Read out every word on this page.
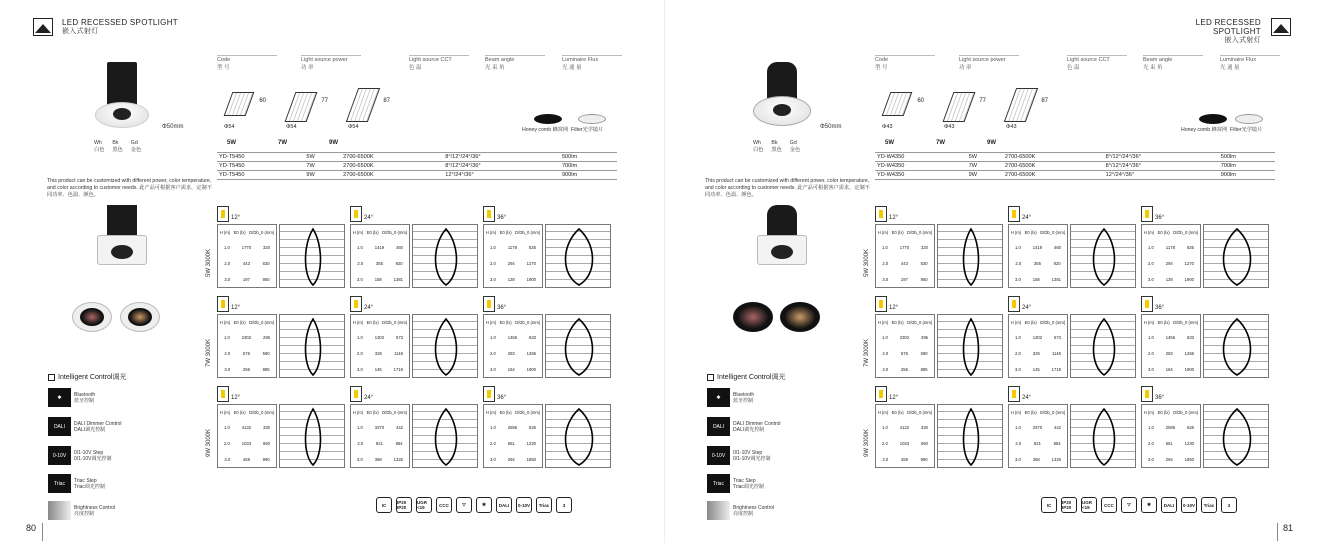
LED RECESSED SPOTLIGHT
嵌入式射灯
Code
型 号
Light source power
功 率
Light source CCT
色 温
Beam angle
光 束 角
Luminaire Flux
光 通 量
Φ50mm
Wh
白色
Bk
黑色
Gd
金色
60
Φ54
77
Φ54
87
Φ54
5W	7W	9W
Honey comb 蜂窝网 Filter光学镜片
YD-T5450	5W	2700-6500K	8°/12°/24°/36°	500lm
YD-T5450	7W	2700-6500K	8°/12°/24°/36°	700lm
YD-T5450	9W	2700-6500K	12°/24°/36°	900lm
This product can be customized with different power, color temperature, and color according to customer needs. 此产品可根据客户需求，定制不同功率、色温、颜色。
5W 3000K
7W 3000K
9W 3000K
12°
H (m) E0 (lx) D/Db_0 (mm)
1.0	1770	320
2.0	443	630
3.0	197	950
24°
H (m) E0 (lx) D/Db_0 (mm)
1.0	1419	460
2.0	355	920
3.0	158	1381
36°
H (m) E0 (lx) D/Db_0 (mm)
1.0	1178	635
2.0	294	1270
3.0	128	1900
12°
H (m) E0 (lx) D/Db_0 (mm)
1.0	2302	295
2.0	576	590
3.0	256	885
24°
H (m) E0 (lx) D/Db_0 (mm)
1.0	1302	573
2.0	326	1146
3.0	145	1719
36°
H (m) E0 (lx) D/Db_0 (mm)
1.0	1456	633
2.0	283	1266
3.0	164	1900
12°
H (m) E0 (lx) D/Db_0 (mm)
1.0	4132	330
2.0	1033	660
3.0	459	990
24°
H (m) E0 (lx) D/Db_0 (mm)
1.0	3370	442
2.0	821	884
3.0	368	1326
36°
H (m) E0 (lx) D/Db_0 (mm)
1.0	2595	626
2.0	661	1230
3.0	294	1850
Intelligent Control调光
✱	Bluetooth
蓝牙控制
DALI	DALI Dimmer Control
DALI调光控制
0-10V	0/1-10V Step
0/1-10V调光控制
Triac	Triac Step
Triac调光控制
Brightness Control
亮度控制
IC	IP20 IP20
UGR <19	CCC	▽	✱	DALI	0-10V	Triac	3
80
LED RECESSED SPOTLIGHT
嵌入式射灯
Code
型 号
Light source power
功 率
Light source CCT
色 温
Beam angle
光 束 角
Luminaire Flux
光 通 量
Φ50mm
Wh
白色
Bk
黑色
Gd
金色
60
Φ43
77
Φ43
87
Φ43
5W	7W	9W
Honey comb 蜂窝网 Filter光学镜片
YD-W4350	5W	2700-6500K	8°/12°/24°/36°	500lm
YD-W4350	7W	2700-6500K	8°/12°/24°/36°	700lm
YD-W4350	9W	2700-6500K	12°/24°/36°	900lm
This product can be customized with different power, color temperature, and color according to customer needs. 此产品可根据客户需求，定制不同功率、色温、颜色。
5W 3000K
7W 3000K
9W 3000K
12°
H (m) E0 (lx) D/Db_0 (mm)
1.0	1770	320
2.0	443	630
3.0	197	950
24°
H (m) E0 (lx) D/Db_0 (mm)
1.0	1419	460
2.0	355	920
3.0	158	1381
36°
H (m) E0 (lx) D/Db_0 (mm)
1.0	1178	635
2.0	294	1270
3.0	128	1900
12°
H (m) E0 (lx) D/Db_0 (mm)
1.0	2302	295
2.0	576	590
3.0	256	885
24°
H (m) E0 (lx) D/Db_0 (mm)
1.0	1302	573
2.0	326	1146
3.0	145	1719
36°
H (m) E0 (lx) D/Db_0 (mm)
1.0	1456	633
2.0	283	1266
3.0	164	1900
12°
H (m) E0 (lx) D/Db_0 (mm)
1.0	4132	330
2.0	1033	660
3.0	459	990
24°
H (m) E0 (lx) D/Db_0 (mm)
1.0	3370	442
2.0	821	884
3.0	368	1326
36°
H (m) E0 (lx) D/Db_0 (mm)
1.0	2595	626
2.0	661	1230
3.0	294	1850
Intelligent Control调光
✱	Bluetooth
蓝牙控制
DALI	DALI Dimmer Control
DALI调光控制
0-10V	0/1-10V Step
0/1-10V调光控制
Triac	Triac Step
Triac调光控制
Brightness Control
亮度控制
IC	IP20 IP20
UGR <19	CCC	▽	✱	DALI	0-10V	Triac	3
81
